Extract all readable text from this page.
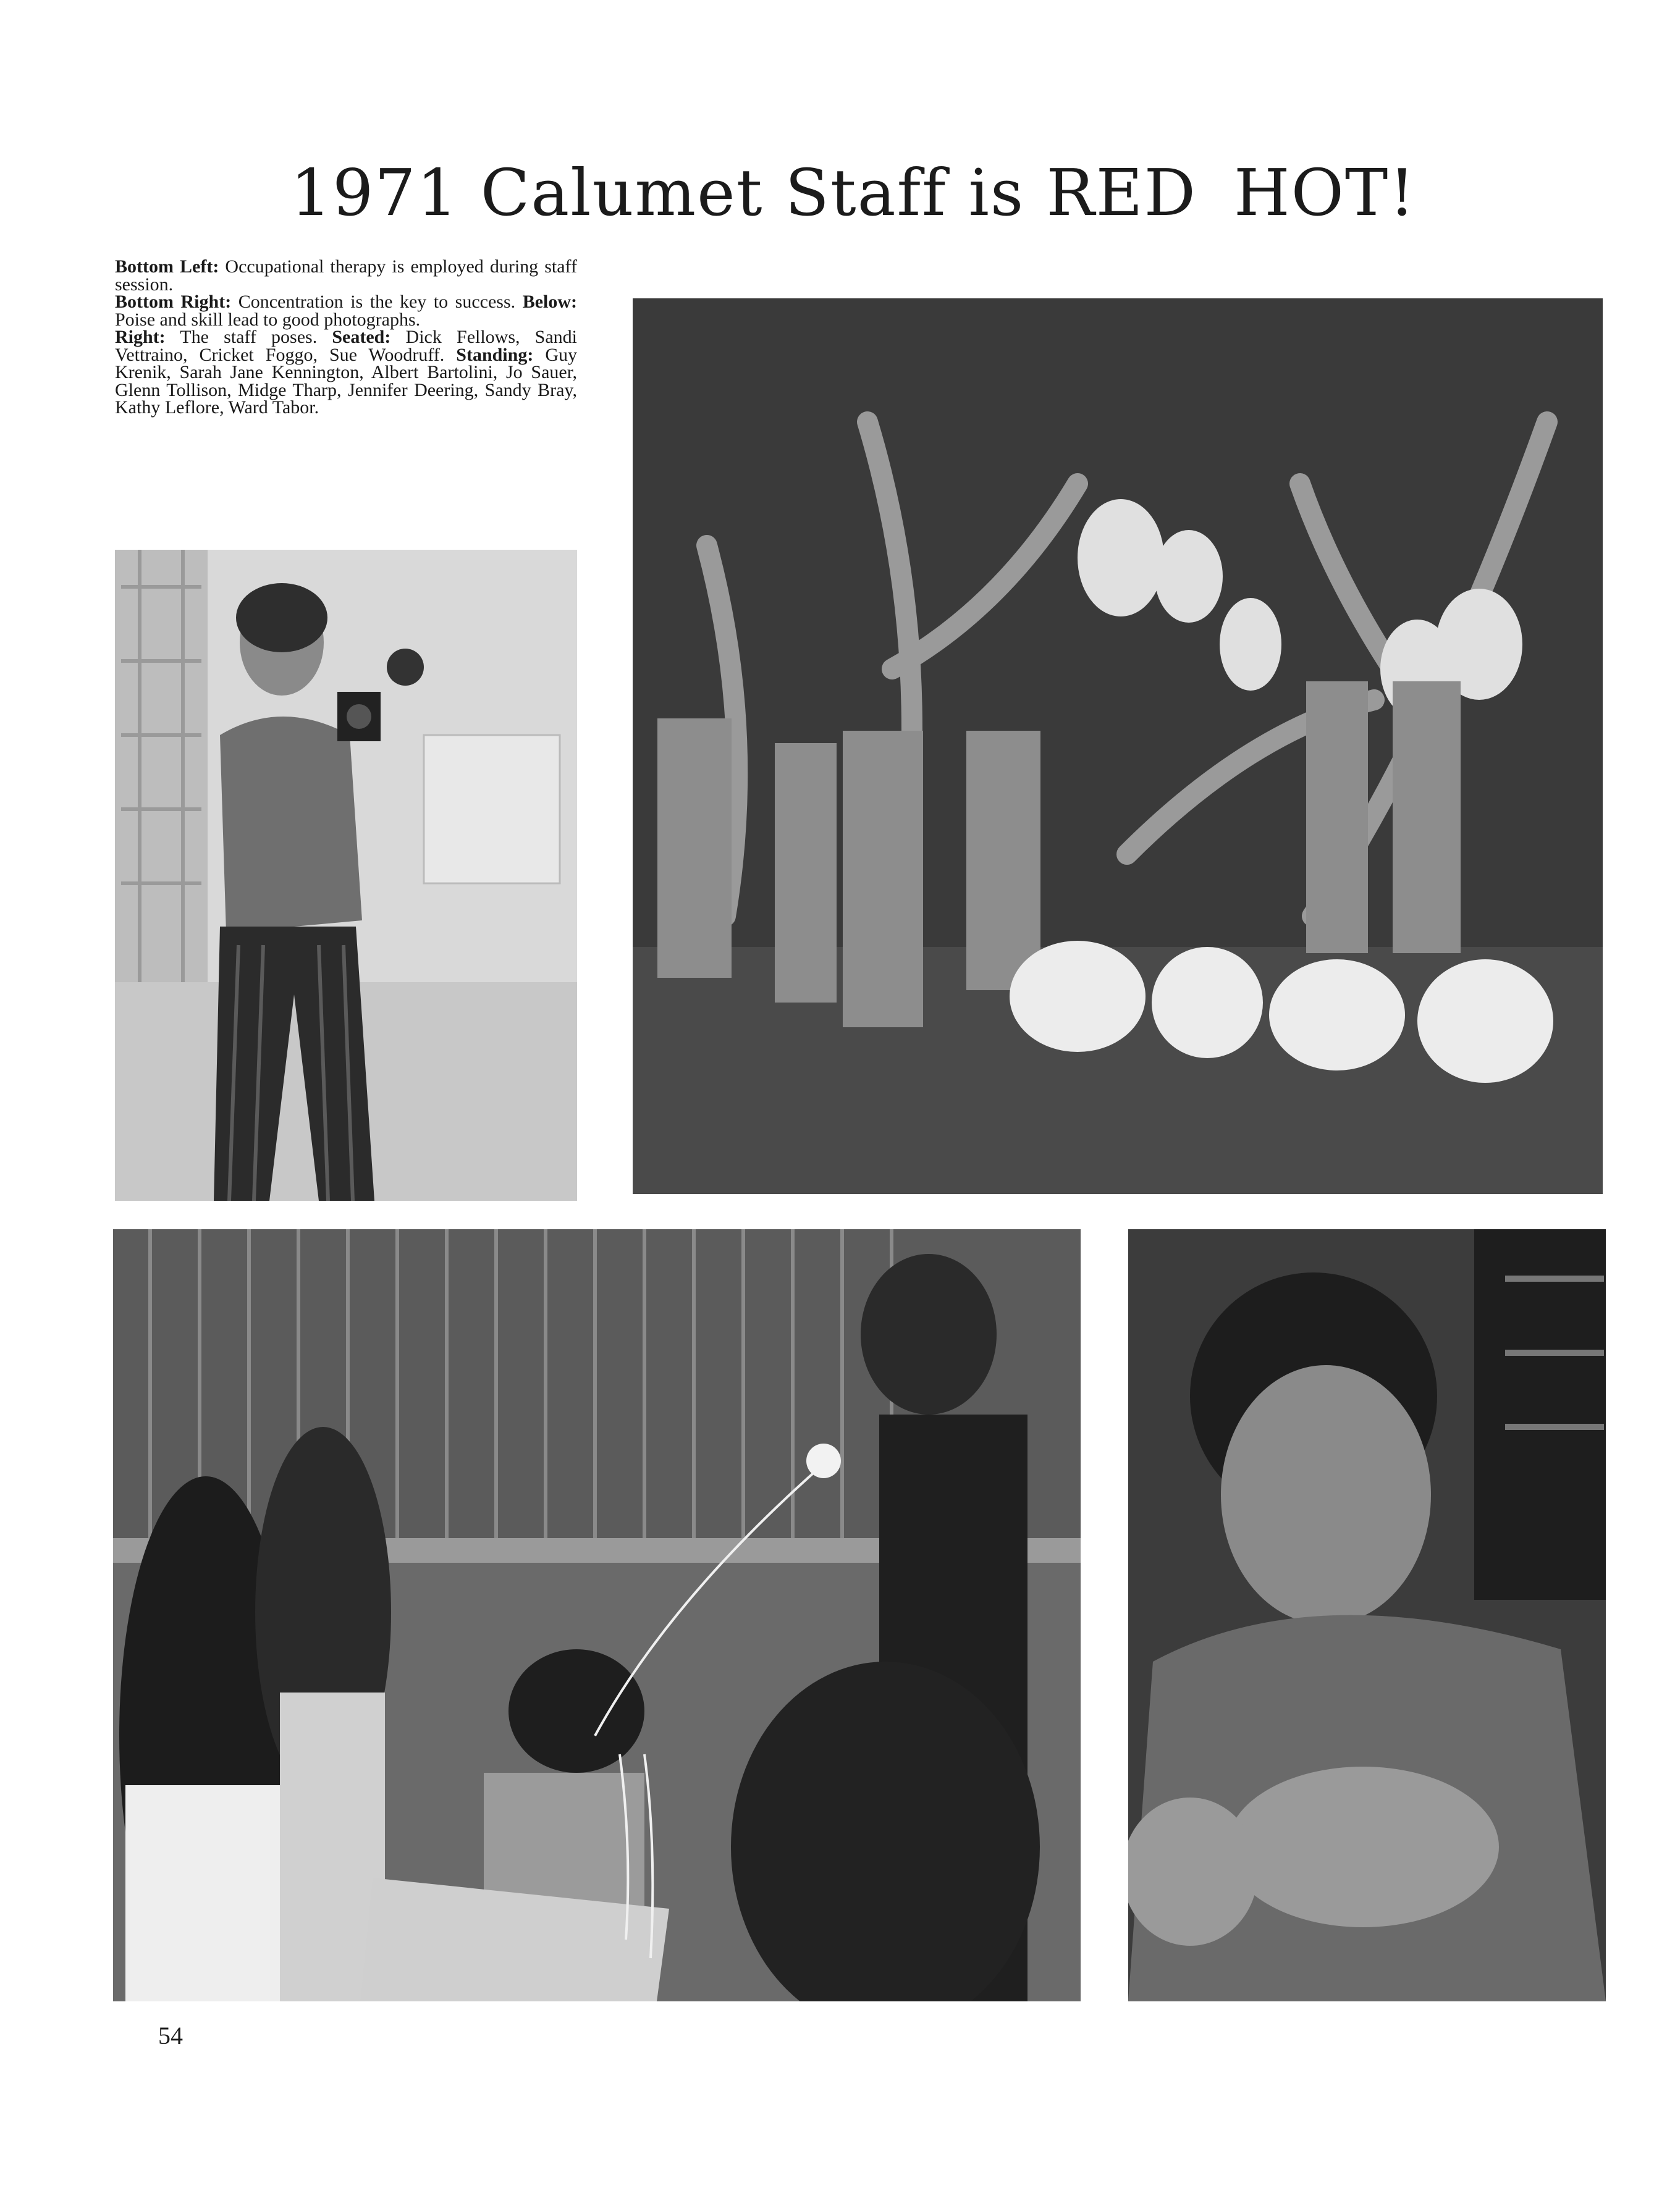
1971 Calumet Staff is RED HOT!

Bottom Left: Occupational therapy is employed during staff session.

Bottom Right: Concentration is the key to success. Below: Poise and skill lead to good photographs.

Right: The staff poses. Seated: Dick Fellows, Sandi Vettraino, Cricket Foggo, Sue Woodruff. Standing: Guy Krenik, Sarah Jane Kennington, Albert Bartolini, Jo Sauer, Glenn Tollison, Midge Tharp, Jennifer Deering, Sandy Bray, Kathy Leflore, Ward Tabor.

54
